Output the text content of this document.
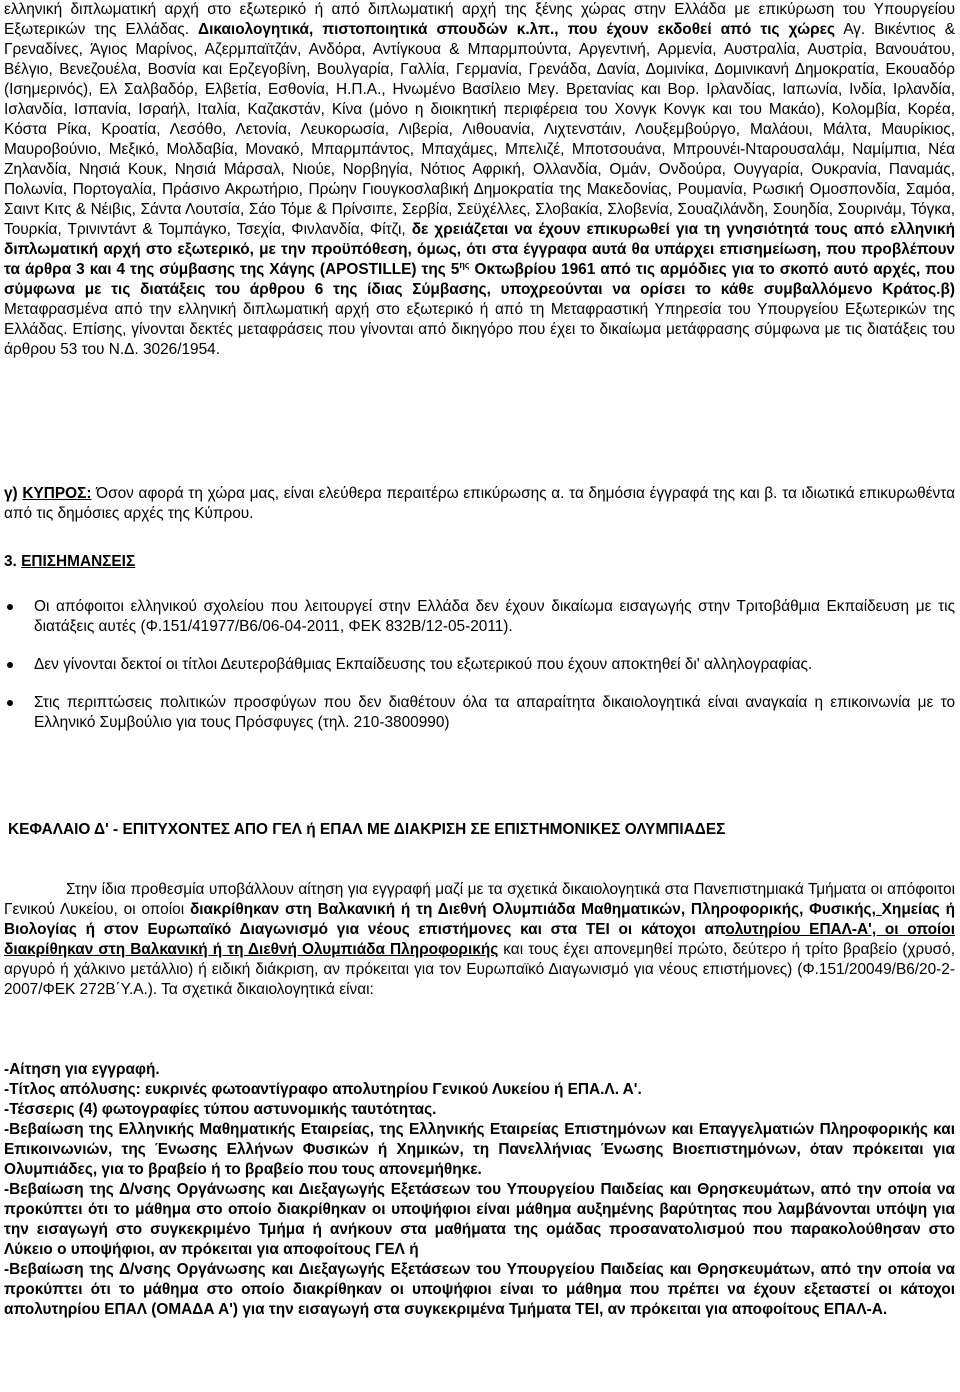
ελληνική διπλωματική αρχή στο εξωτερικό ή από διπλωματική αρχή της ξένης χώρας στην Ελλάδα με επικύρωση του Υπουργείου Εξωτερικών της Ελλάδας. Δικαιολογητικά, πιστοποιητικά σπουδών κ.λπ., που έχουν εκδοθεί από τις χώρες Αγ. Βικέντιος & Γρεναδίνες, Άγιος Μαρίνος, Αζερμπαϊτζάν, Ανδόρα, Αντίγκουα & Μπαρμπούντα, Αργεντινή, Αρμενία, Αυστραλία, Αυστρία, Βανουάτου, Βέλγιο, Βενεζουέλα, Βοσνία και Ερζεγοβίνη, Βουλγαρία, Γαλλία, Γερμανία, Γρενάδα, Δανία, Δομινίκα, Δομινικανή Δημοκρατία, Εκουαδόρ (Ισημερινός), Ελ Σαλβαδόρ, Ελβετία, Εσθονία, Η.Π.Α., Ηνωμένο Βασίλειο Μεγ. Βρετανίας και Βορ. Ιρλανδίας, Ιαπωνία, Ινδία, Ιρλανδία, Ισλανδία, Ισπανία, Ισραήλ, Ιταλία, Καζακστάν, Κίνα (μόνο η διοικητική περιφέρεια του Χονγκ Κονγκ και του Μακάο), Κολομβία, Κορέα, Κόστα Ρίκα, Κροατία, Λεσόθο, Λετονία, Λευκορωσία, Λιβερία, Λιθουανία, Λιχτενστάιν, Λουξεμβούργο, Μαλάουι, Μάλτα, Μαυρίκιος, Μαυροβούνιο, Μεξικό, Μολδαβία, Μονακό, Μπαρμπάντος, Μπαχάμες, Μπελιζέ, Μποτσουάνα, Μπρουνέι-Νταρουσαλάμ, Ναμίμπια, Νέα Ζηλανδία, Νησιά Κουκ, Νησιά Μάρσαλ, Νιούε, Νορβηγία, Νότιος Αφρική, Ολλανδία, Ομάν, Ονδούρα, Ουγγαρία, Ουκρανία, Παναμάς, Πολωνία, Πορτογαλία, Πράσινο Ακρωτήριο, Πρώην Γιουγκοσλαβική Δημοκρατία της Μακεδονίας, Ρουμανία, Ρωσική Ομοσπονδία, Σαμόα, Σαιντ Κιτς & Νέιβις, Σάντα Λουτσία, Σάο Τόμε & Πρίνσιπε, Σερβία, Σεϋχέλλες, Σλοβακία, Σλοβενία, Σουαζιλάνδη, Σουηδία, Σουρινάμ, Τόγκα, Τουρκία, Τρινιντάντ & Τομπάγκο, Τσεχία, Φινλανδία, Φίτζι, δε χρειάζεται να έχουν επικυρωθεί για τη γνησιότητά τους από ελληνική διπλωματική αρχή στο εξωτερικό, με την προϋπόθεση, όμως, ότι στα έγγραφα αυτά θα υπάρχει επισημείωση, που προβλέπουν τα άρθρα 3 και 4 της σύμβασης της Χάγης (APOSTILLE) της $5^{\eta\varsigma}$ Οκτωβρίου 1961 από τις αρμόδιες για το σκοπό αυτό αρχές, που σύμφωνα με τις διατάξεις του άρθρου 6 της ίδιας Σύμβασης, υποχρεούνται να ορίσει το κάθε συμβαλλόμενο Κράτος.β) Μεταφρασμένα από την ελληνική διπλωματική αρχή στο εξωτερικό ή από τη Μεταφραστική Υπηρεσία του Υπουργείου Εξωτερικών της Ελλάδας. Επίσης, γίνονται δεκτές μεταφράσεις που γίνονται από δικηγόρο που έχει το δικαίωμα μετάφρασης σύμφωνα με τις διατάξεις του άρθρου 53 του Ν.Δ. 3026/1954.

γ) ΚΥΠΡΟΣ: Όσον αφορά τη χώρα μας, είναι ελεύθερα περαιτέρω επικύρωσης α. τα δημόσια έγγραφά της και β. τα ιδιωτικά επικυρωθέντα από τις δημόσιες αρχές της Κύπρου.

3. ΕΠΙΣΗΜΑΝΣΕΙΣ

Οι απόφοιτοι ελληνικού σχολείου που λειτουργεί στην Ελλάδα δεν έχουν δικαίωμα εισαγωγής στην Τριτοβάθμια Εκπαίδευση με τις διατάξεις αυτές (Φ.151/41977/Β6/06-04-2011, ΦΕΚ 832Β/12-05-2011).
Δεν γίνονται δεκτοί οι τίτλοι Δευτεροβάθμιας Εκπαίδευσης του εξωτερικού που έχουν αποκτηθεί δι' αλληλογραφίας.
Στις περιπτώσεις πολιτικών προσφύγων που δεν διαθέτουν όλα τα απαραίτητα δικαιολογητικά είναι αναγκαία η επικοινωνία με το Ελληνικό Συμβούλιο για τους Πρόσφυγες (τηλ. 210-3800990)
ΚΕΦΑΛΑΙΟ Δ' - ΕΠΙΤΥΧΟΝΤΕΣ ΑΠΟ ΓΕΛ ή ΕΠΑΛ ΜΕ ΔΙΑΚΡΙΣΗ ΣΕ ΕΠΙΣΤΗΜΟΝΙΚΕΣ ΟΛΥΜΠΙΑΔΕΣ

Στην ίδια προθεσμία υποβάλλουν αίτηση για εγγραφή μαζί με τα σχετικά δικαιολογητικά στα Πανεπιστημιακά Τμήματα οι απόφοιτοι Γενικού Λυκείου, οι οποίοι διακρίθηκαν στη Βαλκανική ή τη Διεθνή Ολυμπιάδα Μαθηματικών, Πληροφορικής, Φυσικής, Χημείας ή Βιολογίας ή στον Ευρωπαϊκό Διαγωνισμό για νέους επιστήμονες και στα ΤΕΙ οι κάτοχοι απολυτηρίου ΕΠΑΛ-Α', οι οποίοι διακρίθηκαν στη Βαλκανική ή τη Διεθνή Ολυμπιάδα Πληροφορικής και τους έχει απονεμηθεί πρώτο, δεύτερο ή τρίτο βραβείο (χρυσό, αργυρό ή χάλκινο μετάλλιο) ή ειδική διάκριση, αν πρόκειται για τον Ευρωπαϊκό Διαγωνισμό για νέους επιστήμονες) (Φ.151/20049/Β6/20-2-2007/ΦΕΚ 272Β΄Υ.Α.). Τα σχετικά δικαιολογητικά είναι:

-Αίτηση για εγγραφή.

-Τίτλος απόλυσης: ευκρινές φωτοαντίγραφο απολυτηρίου Γενικού Λυκείου ή ΕΠΑ.Λ. Α'.

-Τέσσερις (4) φωτογραφίες τύπου αστυνομικής ταυτότητας.

-Βεβαίωση της Ελληνικής Μαθηματικής Εταιρείας, της Ελληνικής Εταιρείας Επιστημόνων και Επαγγελματιών Πληροφορικής και Επικοινωνιών, της Ένωσης Ελλήνων Φυσικών ή Χημικών, τη Πανελλήνιας Ένωσης Βιοεπιστημόνων, όταν πρόκειται για Ολυμπιάδες, για το βραβείο ή το βραβείο που τους απονεμήθηκε.

-Βεβαίωση της Δ/νσης Οργάνωσης και Διεξαγωγής Εξετάσεων του Υπουργείου Παιδείας και Θρησκευμάτων, από την οποία να προκύπτει ότι το μάθημα στο οποίο διακρίθηκαν οι υποψήφιοι είναι μάθημα αυξημένης βαρύτητας που λαμβάνονται υπόψη για την εισαγωγή στο συγκεκριμένο Τμήμα ή ανήκουν στα μαθήματα της ομάδας προσανατολισμού που παρακολούθησαν στο Λύκειο ο υποψήφιοι, αν πρόκειται για αποφοίτους ΓΕΛ ή

-Βεβαίωση της Δ/νσης Οργάνωσης και Διεξαγωγής Εξετάσεων του Υπουργείου Παιδείας και Θρησκευμάτων, από την οποία να προκύπτει ότι το μάθημα στο οποίο διακρίθηκαν οι υποψήφιοι είναι το μάθημα που πρέπει να έχουν εξεταστεί οι κάτοχοι απολυτηρίου ΕΠΑΛ (ΟΜΑΔΑ Α') για την εισαγωγή στα συγκεκριμένα Τμήματα ΤΕΙ, αν πρόκειται για αποφοίτους ΕΠΑΛ-Α.
